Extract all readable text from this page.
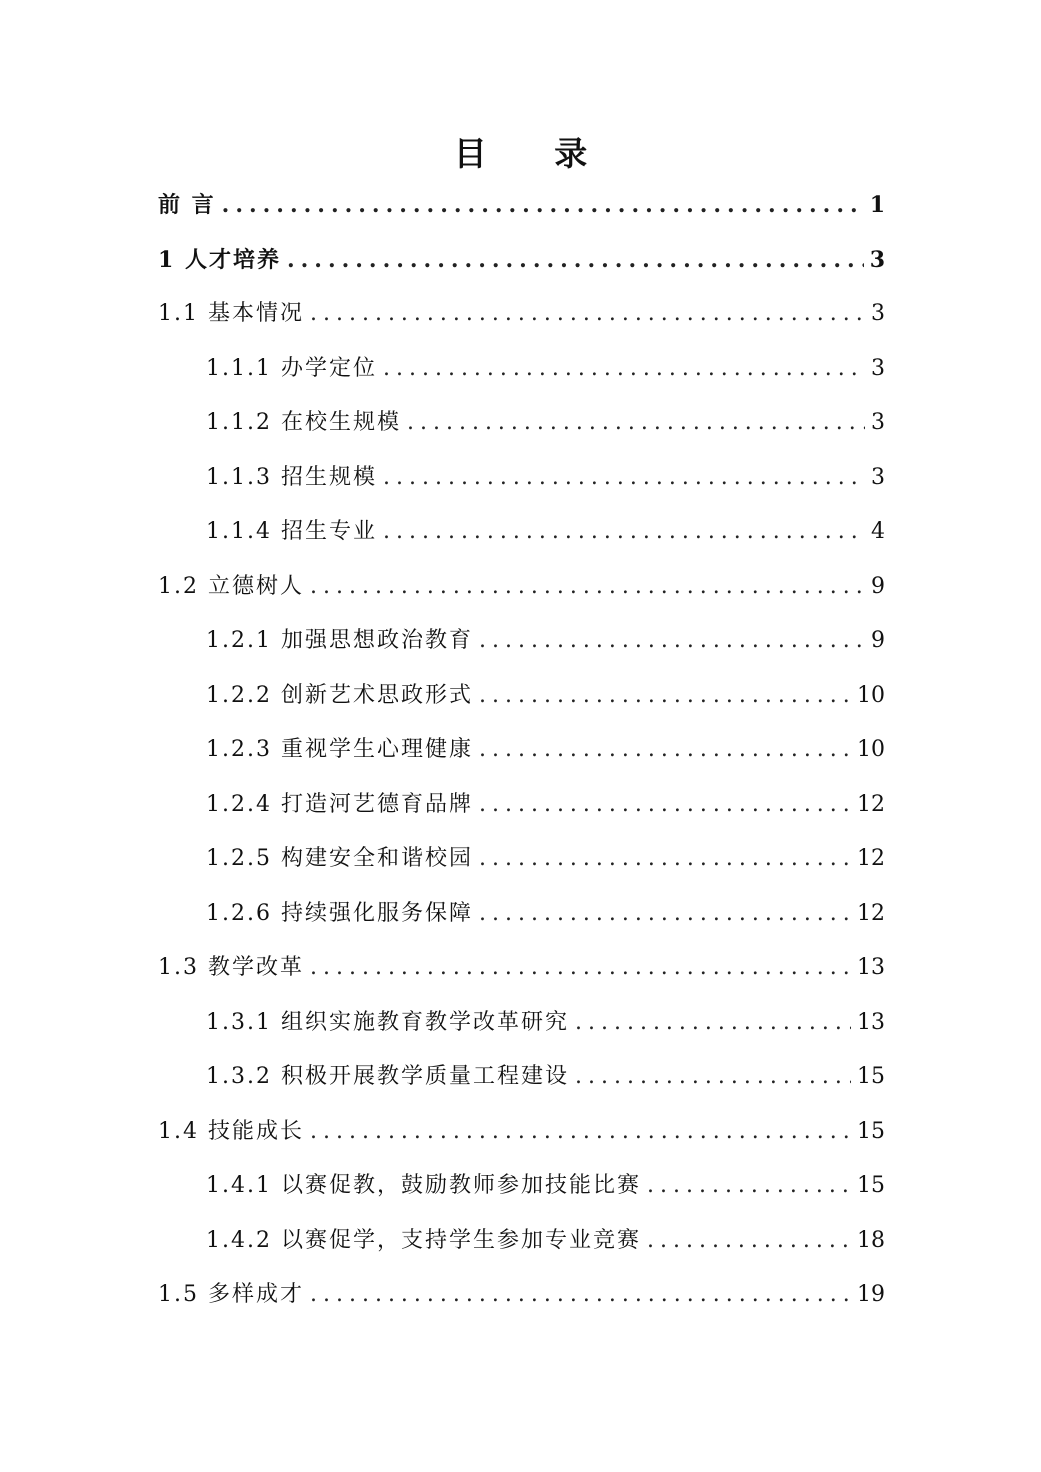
目 录
前 言 .....	1
1 人才培养 .....	3
1.1 基本情况 .....	3
1.1.1 办学定位 .....	3
1.1.2 在校生规模 .....	3
1.1.3 招生规模 .....	3
1.1.4 招生专业 .....	4
1.2 立德树人 .....	9
1.2.1 加强思想政治教育 .....	9
1.2.2 创新艺术思政形式 .....	10
1.2.3 重视学生心理健康 .....	10
1.2.4 打造河艺德育品牌 .....	12
1.2.5 构建安全和谐校园 .....	12
1.2.6 持续强化服务保障 .....	12
1.3 教学改革 .....	13
1.3.1 组织实施教育教学改革研究 .....	13
1.3.2 积极开展教学质量工程建设 .....	15
1.4 技能成长 .....	15
1.4.1 以赛促教，鼓励教师参加技能比赛 .....	15
1.4.2 以赛促学，支持学生参加专业竞赛 .....	18
1.5 多样成才 .....	19
